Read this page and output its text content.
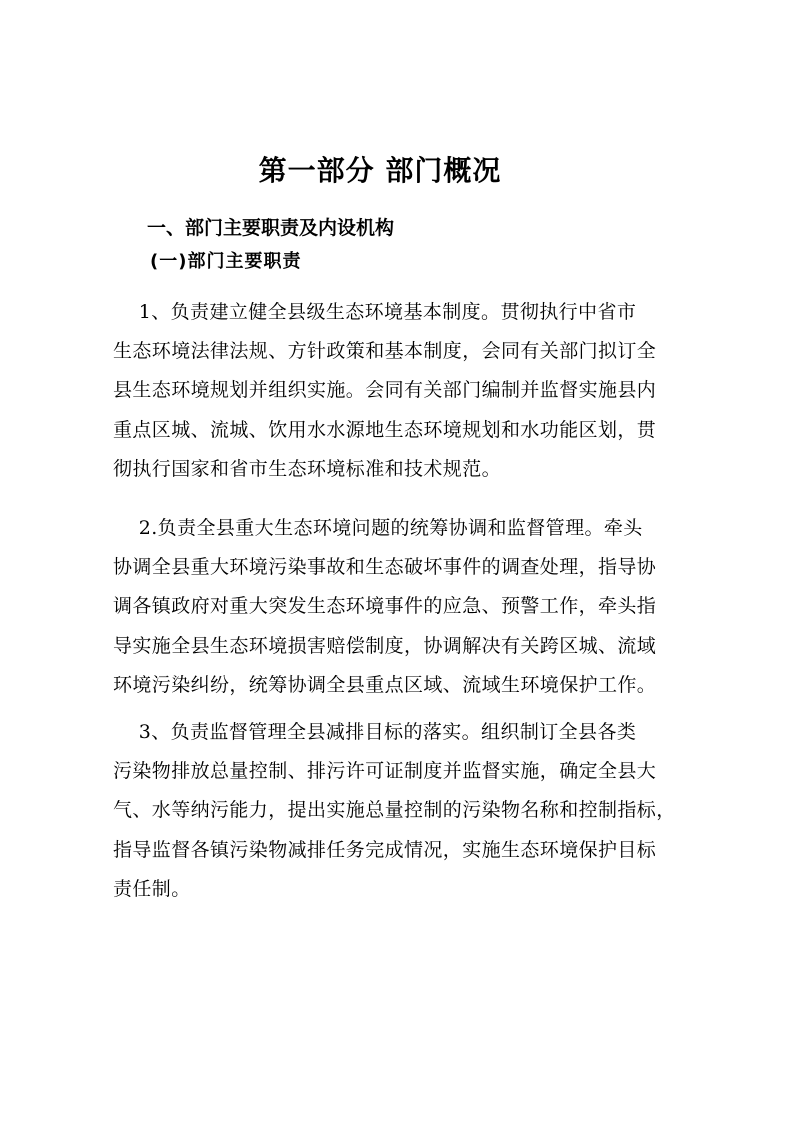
第一部分 部门概况
一、部门主要职责及内设机构
(一)部门主要职责
1、负责建立健全县级生态环境基本制度。贯彻执行中省市
生态环境法律法规、方针政策和基本制度，会同有关部门拟订全
县生态环境规划并组织实施。会同有关部门编制并监督实施县内
重点区城、流城、饮用水水源地生态环境规划和水功能区划，贯
彻执行国家和省市生态环境标准和技术规范。
2.负责全县重大生态环境问题的统筹协调和监督管理。牵头
协调全县重大环境污染事故和生态破坏事件的调查处理，指导协
调各镇政府对重大突发生态环境事件的应急、预警工作，牵头指
导实施全县生态环境损害赔偿制度，协调解决有关跨区城、流域
环境污染纠纷，统筹协调全县重点区域、流域生环境保护工作。
3、负责监督管理全县减排目标的落实。组织制订全县各类
污染物排放总量控制、排污许可证制度并监督实施，确定全县大
气、水等纳污能力，提出实施总量控制的污染物名称和控制指标，
指导监督各镇污染物减排任务完成情况，实施生态环境保护目标
责任制。
